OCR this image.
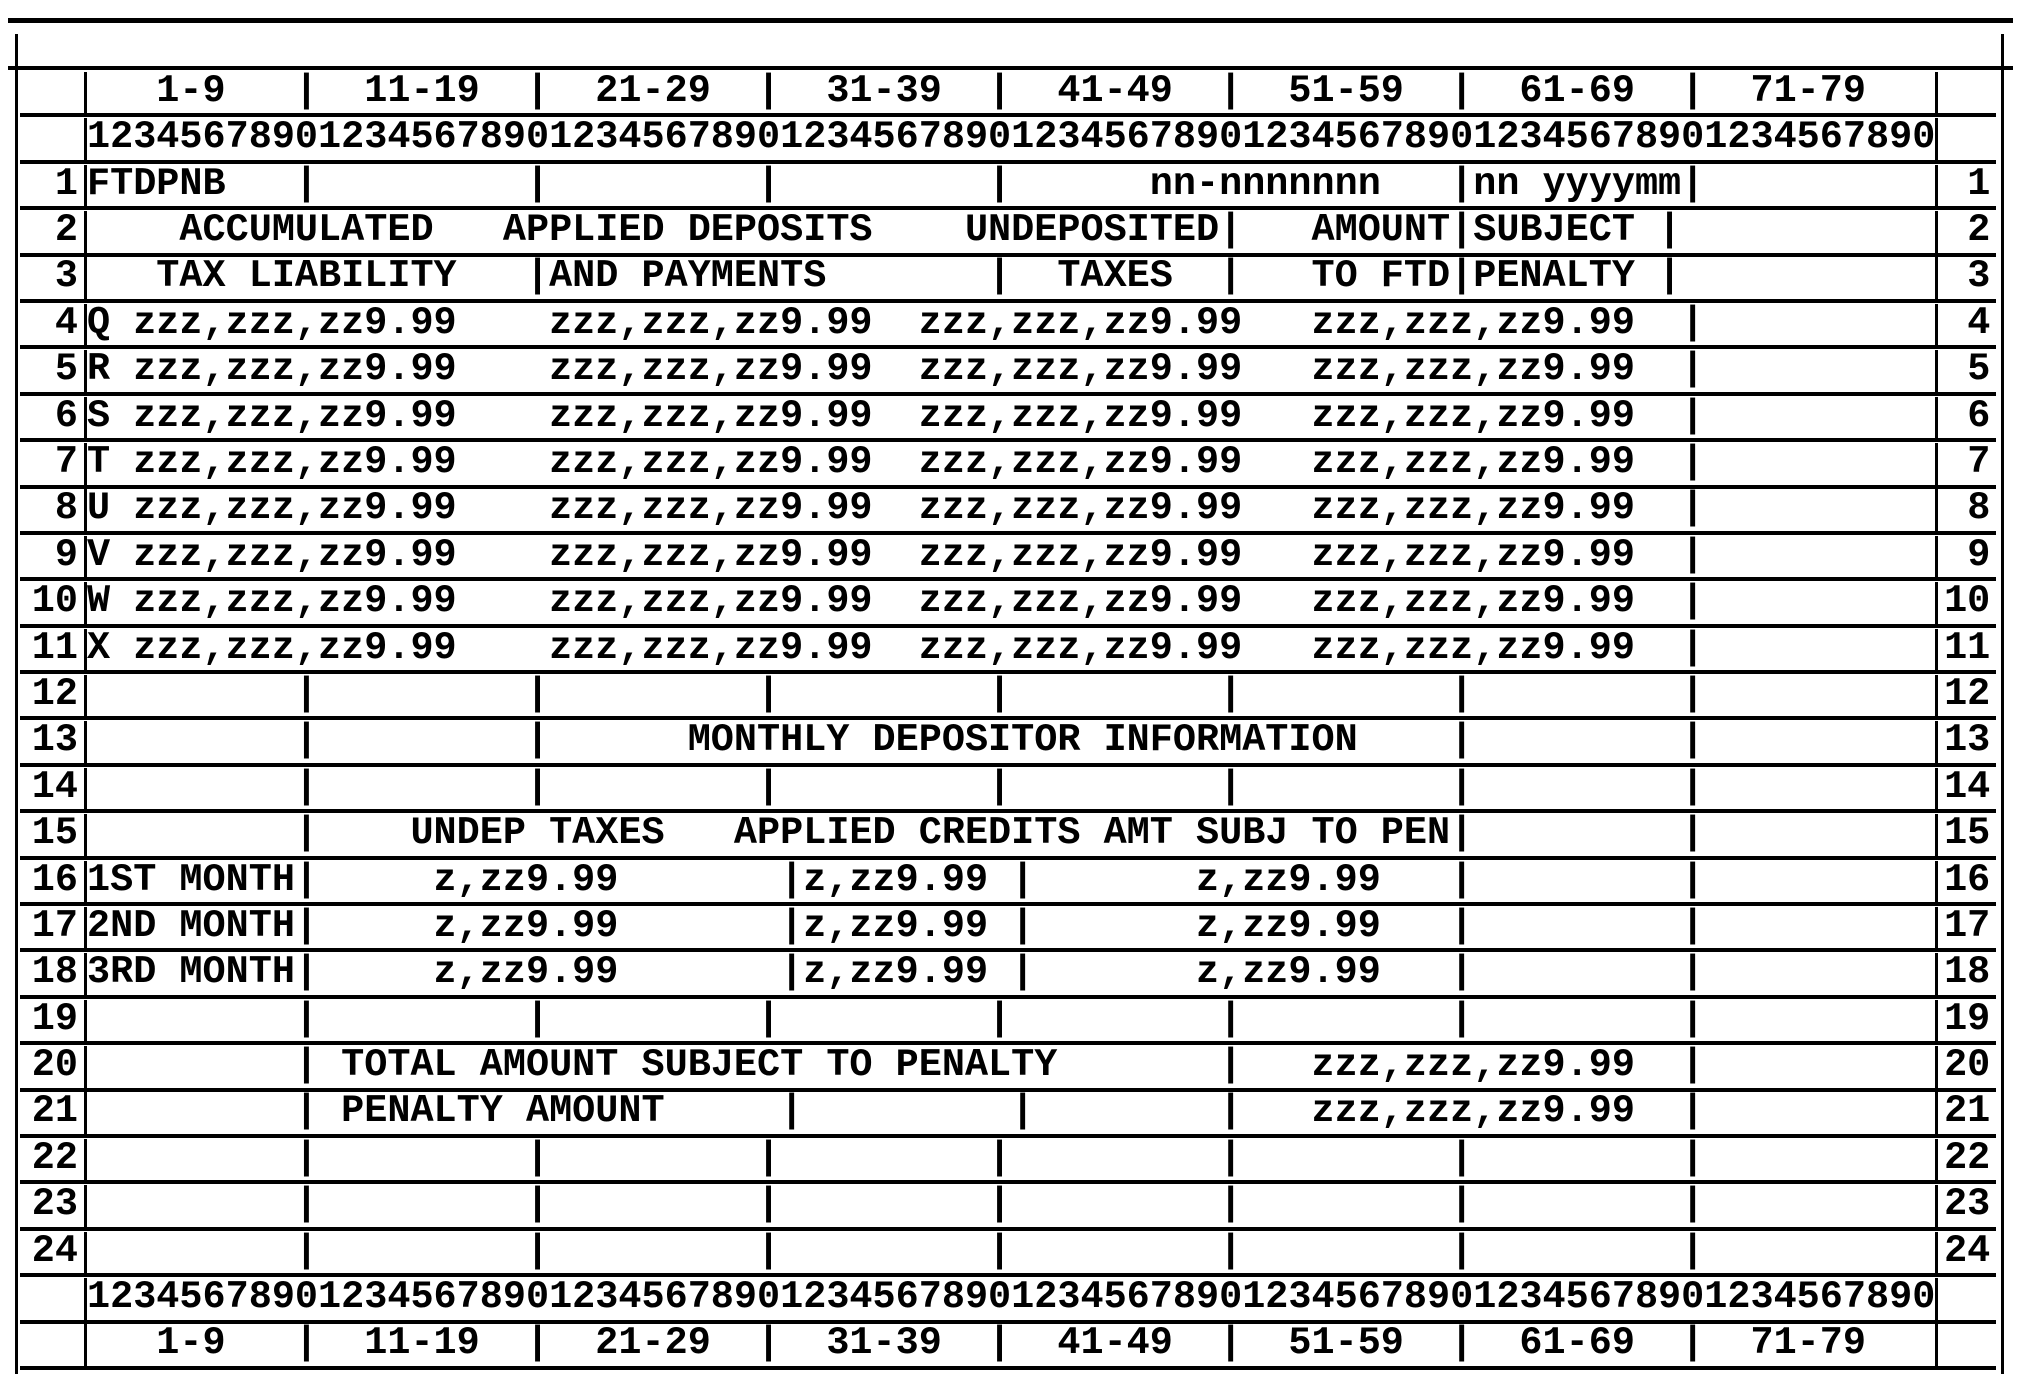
1-9   |  11-19  |  21-29  |  31-39  |  41-49  |  51-59  |  61-69  |  71-79
12345678901234567890123456789012345678901234567890123456789012345678901234567890
1 FTDPNB   |         |         |         |      nn-nnnnnnn   |nn yyyymm| 1
2 ACCUMULATED   APPLIED DEPOSITS    UNDEPOSITED|   AMOUNT|SUBJECT | 2
3 TAX LIABILITY   |AND PAYMENTS       |  TAXES  |   TO FTD|PENALTY | 3
4 Q zzz,zzz,zz9.99    zzz,zzz,zz9.99  zzz,zzz,zz9.99   zzz,zzz,zz9.99  | 4
5 R zzz,zzz,zz9.99    zzz,zzz,zz9.99  zzz,zzz,zz9.99   zzz,zzz,zz9.99  | 5
6 S zzz,zzz,zz9.99    zzz,zzz,zz9.99  zzz,zzz,zz9.99   zzz,zzz,zz9.99  | 6
7 T zzz,zzz,zz9.99    zzz,zzz,zz9.99  zzz,zzz,zz9.99   zzz,zzz,zz9.99  | 7
8 U zzz,zzz,zz9.99    zzz,zzz,zz9.99  zzz,zzz,zz9.99   zzz,zzz,zz9.99  | 8
9 V zzz,zzz,zz9.99    zzz,zzz,zz9.99  zzz,zzz,zz9.99   zzz,zzz,zz9.99  | 9
10 W zzz,zzz,zz9.99    zzz,zzz,zz9.99  zzz,zzz,zz9.99   zzz,zzz,zz9.99  | 10
11 X zzz,zzz,zz9.99    zzz,zzz,zz9.99  zzz,zzz,zz9.99   zzz,zzz,zz9.99  | 11
12 |         |         |         |         |         |         | 12
13 |         |      MONTHLY DEPOSITOR INFORMATION    |         | 13
14 |         |         |         |         |         |         | 14
15 |    UNDEP TAXES   APPLIED CREDITS AMT SUBJ TO PEN|         | 15
16 1ST MONTH|     z,zz9.99       |z,zz9.99 |       z,zz9.99   |         | 16
17 2ND MONTH|     z,zz9.99       |z,zz9.99 |       z,zz9.99   |         | 17
18 3RD MONTH|     z,zz9.99       |z,zz9.99 |       z,zz9.99   |         | 18
19 |         |         |         |         |         |         | 19
20 | TOTAL AMOUNT SUBJECT TO PENALTY       |   zzz,zzz,zz9.99  | 20
21 | PENALTY AMOUNT     |         |        |   zzz,zzz,zz9.99  | 21
22 |         |         |         |         |         |         | 22
23 |         |         |         |         |         |         | 23
24 |         |         |         |         |         |         | 24
12345678901234567890123456789012345678901234567890123456789012345678901234567890
1-9   |  11-19  |  21-29  |  31-39  |  41-49  |  51-59  |  61-69  |  71-79
